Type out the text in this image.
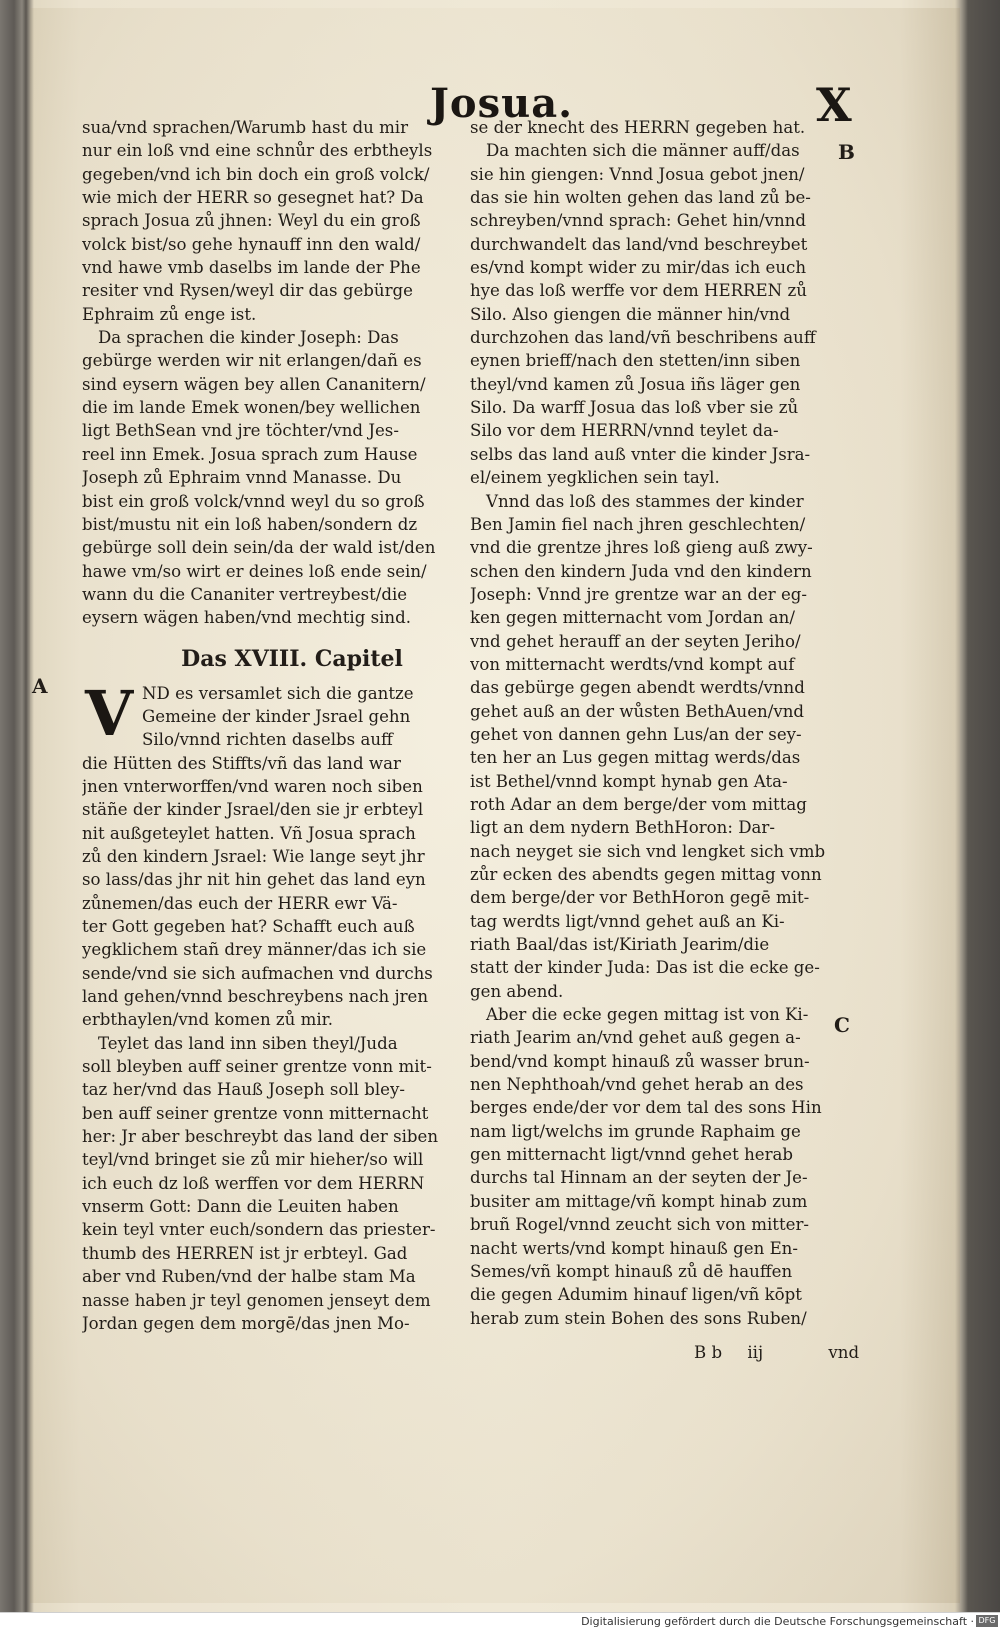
Josua.	X
B
A
C
sua/vnd sprachen/Warumb hast du mir
nur ein loß vnd eine schnůr des erbtheyls
gegeben/vnd ich bin doch ein groß volck/
wie mich der HERR so gesegnet hat? Da
sprach Josua zů jhnen: Weyl du ein groß
volck bist/so gehe hynauff inn den wald/
vnd hawe vmb daselbs im lande der Phe
resiter vnd Rysen/weyl dir das gebürge
Ephraim zů enge ist.
Da sprachen die kinder Joseph: Das
gebürge werden wir nit erlangen/dañ es
sind eysern wägen bey allen Cananitern/
die im lande Emek wonen/bey wellichen
ligt BethSean vnd jre töchter/vnd Jes-
reel inn Emek. Josua sprach zum Hause
Joseph zů Ephraim vnnd Manasse. Du
bist ein groß volck/vnnd weyl du so groß
bist/mustu nit ein loß haben/sondern dz
gebürge soll dein sein/da der wald ist/den
hawe vm/so wirt er deines loß ende sein/
wann du die Cananiter vertreybest/die
eysern wägen haben/vnd mechtig sind.
Das XVIII. Capitel
V ND es versamlet sich die gantze
Gemeine der kinder Jsrael gehn
Silo/vnnd richten daselbs auff
die Hütten des Stiffts/vñ das land war
jnen vnterworffen/vnd waren noch siben
stäñe der kinder Jsrael/den sie jr erbteyl
nit außgeteylet hatten. Vñ Josua sprach
zů den kindern Jsrael: Wie lange seyt jhr
so lass/das jhr nit hin gehet das land eyn
zůnemen/das euch der HERR ewr Vä-
ter Gott gegeben hat? Schafft euch auß
yegklichem stañ drey männer/das ich sie
sende/vnd sie sich aufmachen vnd durchs
land gehen/vnnd beschreybens nach jren
erbthaylen/vnd komen zů mir.
Teylet das land inn siben theyl/Juda
soll bleyben auff seiner grentze vonn mit-
taz her/vnd das Hauß Joseph soll bley-
ben auff seiner grentze vonn mitternacht
her: Jr aber beschreybt das land der siben
teyl/vnd bringet sie zů mir hieher/so will
ich euch dz loß werffen vor dem HERRN
vnserm Gott: Dann die Leuiten haben
kein teyl vnter euch/sondern das priester-
thumb des HERREN ist jr erbteyl. Gad
aber vnd Ruben/vnd der halbe stam Ma
nasse haben jr teyl genomen jenseyt dem
Jordan gegen dem morgē/das jnen Mo-
se der knecht des HERRN gegeben hat.
Da machten sich die männer auff/das
sie hin giengen: Vnnd Josua gebot jnen/
das sie hin wolten gehen das land zů be-
schreyben/vnnd sprach: Gehet hin/vnnd
durchwandelt das land/vnd beschreybet
es/vnd kompt wider zu mir/das ich euch
hye das loß werffe vor dem HERREN zů
Silo. Also giengen die männer hin/vnd
durchzohen das land/vñ beschribens auff
eynen brieff/nach den stetten/inn siben
theyl/vnd kamen zů Josua iñs läger gen
Silo. Da warff Josua das loß vber sie zů
Silo vor dem HERRN/vnnd teylet da-
selbs das land auß vnter die kinder Jsra-
el/einem yegklichen sein tayl.
Vnnd das loß des stammes der kinder
Ben Jamin fiel nach jhren geschlechten/
vnd die grentze jhres loß gieng auß zwy-
schen den kindern Juda vnd den kindern
Joseph: Vnnd jre grentze war an der eg-
ken gegen mitternacht vom Jordan an/
vnd gehet herauff an der seyten Jeriho/
von mitternacht werdts/vnd kompt auf
das gebürge gegen abendt werdts/vnnd
gehet auß an der wůsten BethAuen/vnd
gehet von dannen gehn Lus/an der sey-
ten her an Lus gegen mittag werds/das
ist Bethel/vnnd kompt hynab gen Ata-
roth Adar an dem berge/der vom mittag
ligt an dem nydern BethHoron: Dar-
nach neyget sie sich vnd lengket sich vmb
zůr ecken des abendts gegen mittag vonn
dem berge/der vor BethHoron gegē mit-
tag werdts ligt/vnnd gehet auß an Ki-
riath Baal/das ist/Kiriath Jearim/die
statt der kinder Juda: Das ist die ecke ge-
gen abend.
Aber die ecke gegen mittag ist von Ki-
riath Jearim an/vnd gehet auß gegen a-
bend/vnd kompt hinauß zů wasser brun-
nen Nephthoah/vnd gehet herab an des
berges ende/der vor dem tal des sons Hin
nam ligt/welchs im grunde Raphaim ge
gen mitternacht ligt/vnnd gehet herab
durchs tal Hinnam an der seyten der Je-
busiter am mittage/vñ kompt hinab zum
bruñ Rogel/vnnd zeucht sich von mitter-
nacht werts/vnd kompt hinauß gen En-
Semes/vñ kompt hinauß zů dē hauffen
die gegen Adumim hinauf ligen/vñ kōpt
herab zum stein Bohen des sons Ruben/
B b iij	vnd
Digitalisierung gefördert durch die Deutsche Forschungsgemeinschaft · DFG
